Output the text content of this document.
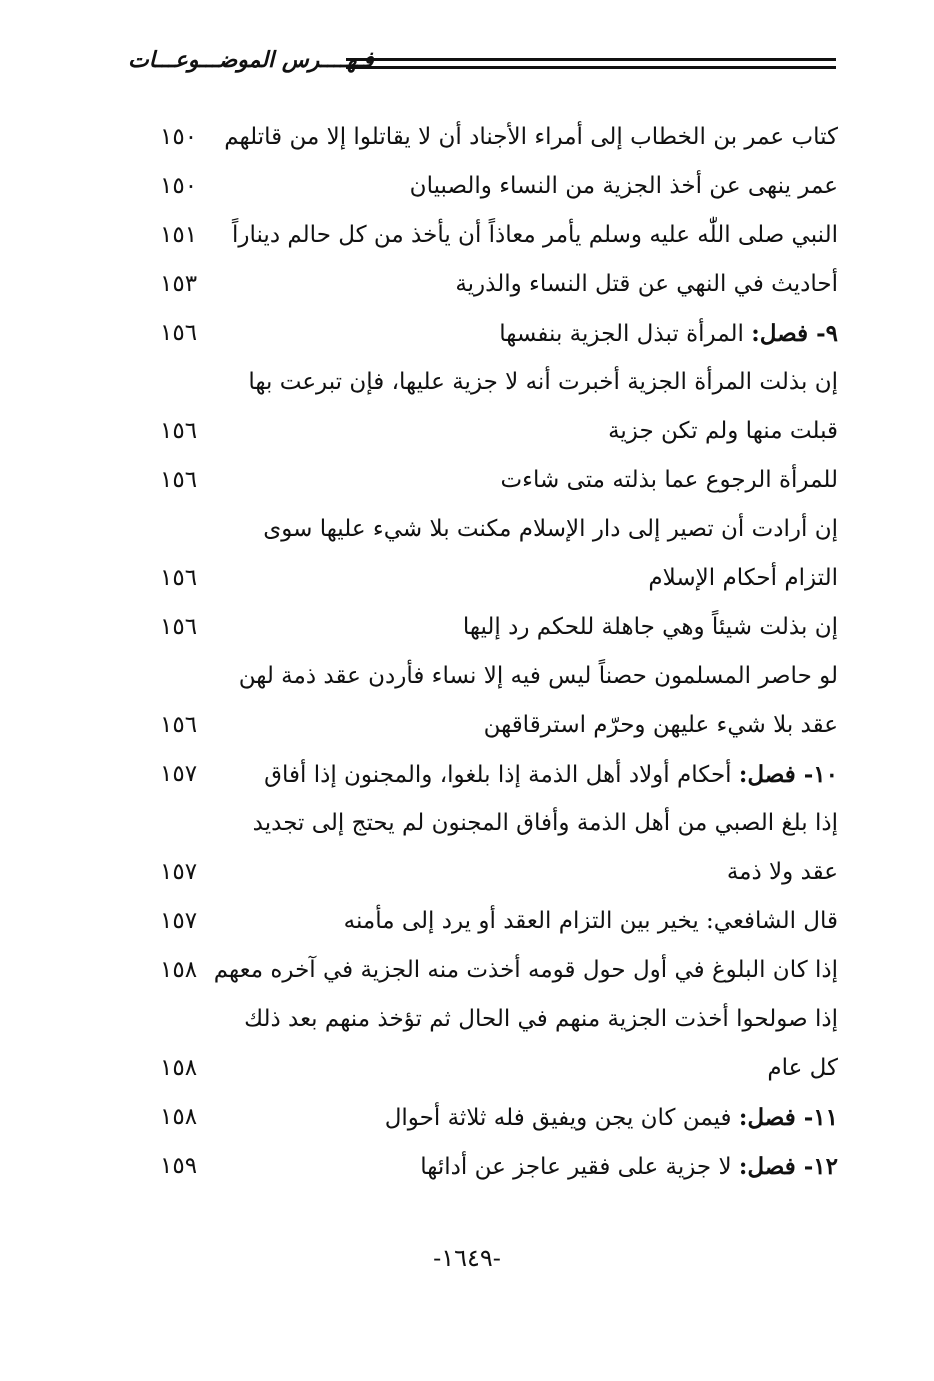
فـهــــرس الموضـــوعـــات
كتاب عمر بن الخطاب إلى أمراء الأجناد أن لا يقاتلوا إلا من قاتلهم
١٥٠
عمر ينهى عن أخذ الجزية من النساء والصبيان
١٥٠
النبي صلى اللّٰه عليه وسلم يأمر معاذاً أن يأخذ من كل حالم ديناراً
١٥١
أحاديث في النهي عن قتل النساء والذرية
١٥٣
٩- فصل: المرأة تبذل الجزية بنفسها
١٥٦
إن بذلت المرأة الجزية أخبرت أنه لا جزية عليها، فإن تبرعت بها
قبلت منها ولم تكن جزية
١٥٦
للمرأة الرجوع عما بذلته متى شاءت
١٥٦
إن أرادت أن تصير إلى دار الإسلام مكنت بلا شيء عليها سوى
التزام أحكام الإسلام
١٥٦
إن بذلت شيئاً وهي جاهلة للحكم رد إليها
١٥٦
لو حاصر المسلمون حصناً ليس فيه إلا نساء فأردن عقد ذمة لهن
عقد بلا شيء عليهن وحرّم استرقاقهن
١٥٦
١٠- فصل: أحكام أولاد أهل الذمة إذا بلغوا، والمجنون إذا أفاق
١٥٧
إذا بلغ الصبي من أهل الذمة وأفاق المجنون لم يحتج إلى تجديد
عقد ولا ذمة
١٥٧
قال الشافعي: يخير بين التزام العقد أو يرد إلى مأمنه
١٥٧
إذا كان البلوغ في أول حول قومه أخذت منه الجزية في آخره معهم
١٥٨
إذا صولحوا أخذت الجزية منهم في الحال ثم تؤخذ منهم بعد ذلك
كل عام
١٥٨
١١- فصل: فيمن كان يجن ويفيق فله ثلاثة أحوال
١٥٨
١٢- فصل: لا جزية على فقير عاجز عن أدائها
١٥٩
-١٦٤٩-
